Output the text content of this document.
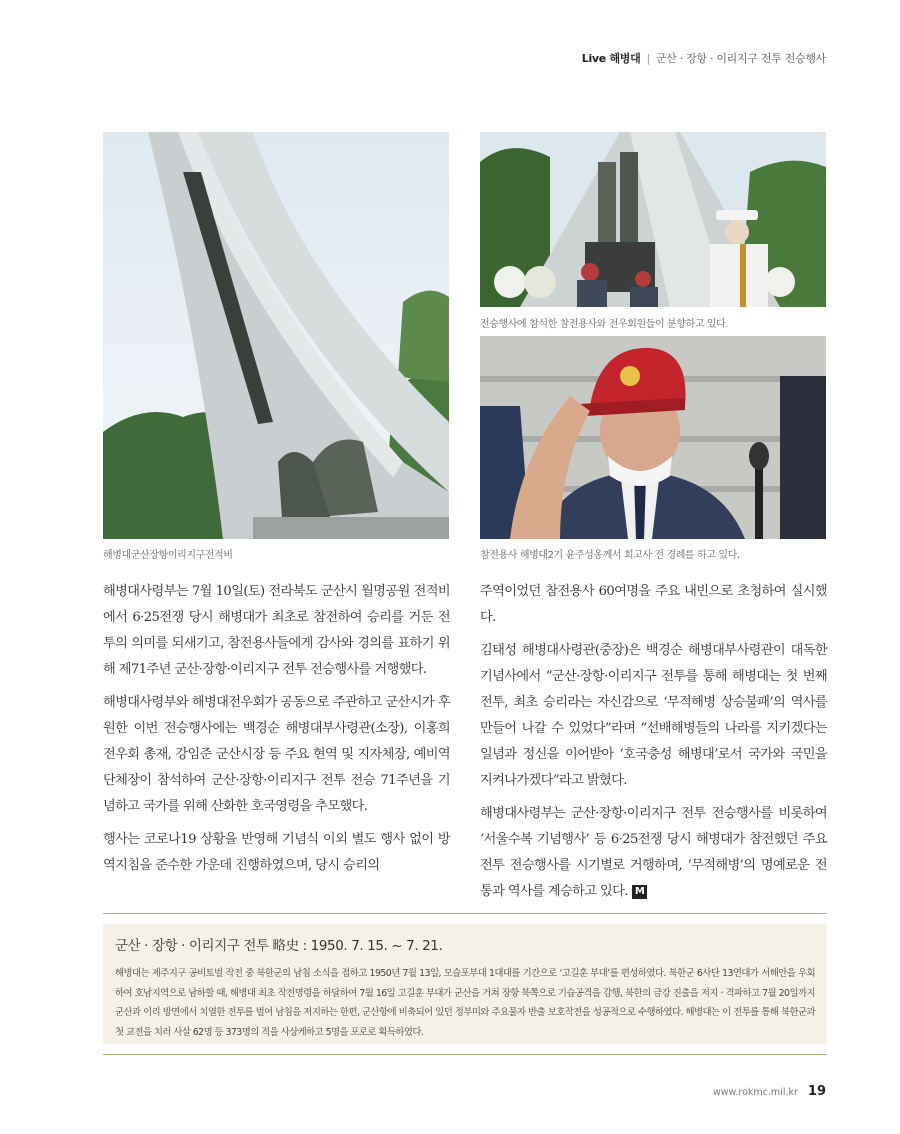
Live 해병대 | 군산 · 장항 · 이리지구 전투 전승행사
해병대군산장항이리지구전적비
전승행사에 참석한 참전용사와 전우회원들이 분향하고 있다.
참전용사 해병대2기 윤주성옹께서 회고사 전 경례를 하고 있다.

해병대사령부는 7월 10일(토) 전라북도 군산시 월명공원 전적비에서 6·25전쟁 당시 해병대가 최초로 참전하여 승리를 거둔 전투의 의미를 되새기고, 참전용사들에게 감사와 경의를 표하기 위해 제71주년 군산·장항·이리지구 전투 전승행사를 거행했다.

해병대사령부와 해병대전우회가 공동으로 주관하고 군산시가 후원한 이번 전승행사에는 백경순 해병대부사령관(소장), 이홍희 전우회 총재, 강임준 군산시장 등 주요 현역 및 지자체장, 예비역 단체장이 참석하여 군산·장항·이리지구 전투 전승 71주년을 기념하고 국가를 위해 산화한 호국영령을 추모했다.

행사는 코로나19 상황을 반영해 기념식 이외 별도 행사 없이 방역지침을 준수한 가운데 진행하였으며, 당시 승리의

주역이었던 참전용사 60여명을 주요 내빈으로 초청하여 실시했다.

김태성 해병대사령관(중장)은 백경순 해병대부사령관이 대독한 기념사에서 “군산·장항·이리지구 전투를 통해 해병대는 첫 번째 전투, 최초 승리라는 자신감으로 ‘무적해병 상승불패’의 역사를 만들어 나갈 수 있었다”라며 “선배해병들의 나라를 지키겠다는 일념과 정신을 이어받아 ‘호국충성 해병대’로서 국가와 국민을 지켜나가겠다”라고 밝혔다.

해병대사령부는 군산·장항·이리지구 전투 전승행사를 비롯하여 ‘서울수복 기념행사’ 등 6·25전쟁 당시 해병대가 참전했던 주요 전투 전승행사를 시기별로 거행하며, ‘무적해병’의 명예로운 전통과 역사를 계승하고 있다. M

군산 · 장항 · 이리지구 전투 略史 : 1950. 7. 15. ~ 7. 21.
해병대는 제주지구 공비토벌 작전 중 북한군의 남침 소식을 접하고 1950년 7월 13일, 모슬포부대 1대대를 기간으로 ‘고길훈 부대’를 편성하였다. 북한군 6사단 13연대가 서해안을 우회하여 호남지역으로 남하할 때, 해병대 최초 작전명령을 하달하여 7월 16일 고길훈 부대가 군산을 거쳐 장항 북쪽으로 기습공격을 감행, 북한의 금강 진출을 저지 · 격파하고 7월 20일까지 군산과 이리 방면에서 치열한 전투를 벌여 남침을 저지하는 한편, 군산항에 비축되어 있던 정부미와 주요물자 반출 보호작전을 성공적으로 수행하였다. 해병대는 이 전투를 통해 북한군과 첫 교전을 치러 사살 62명 등 373명의 적을 사상케하고 5명을 포로로 획득하였다.
www.rokmc.mil.kr 19
